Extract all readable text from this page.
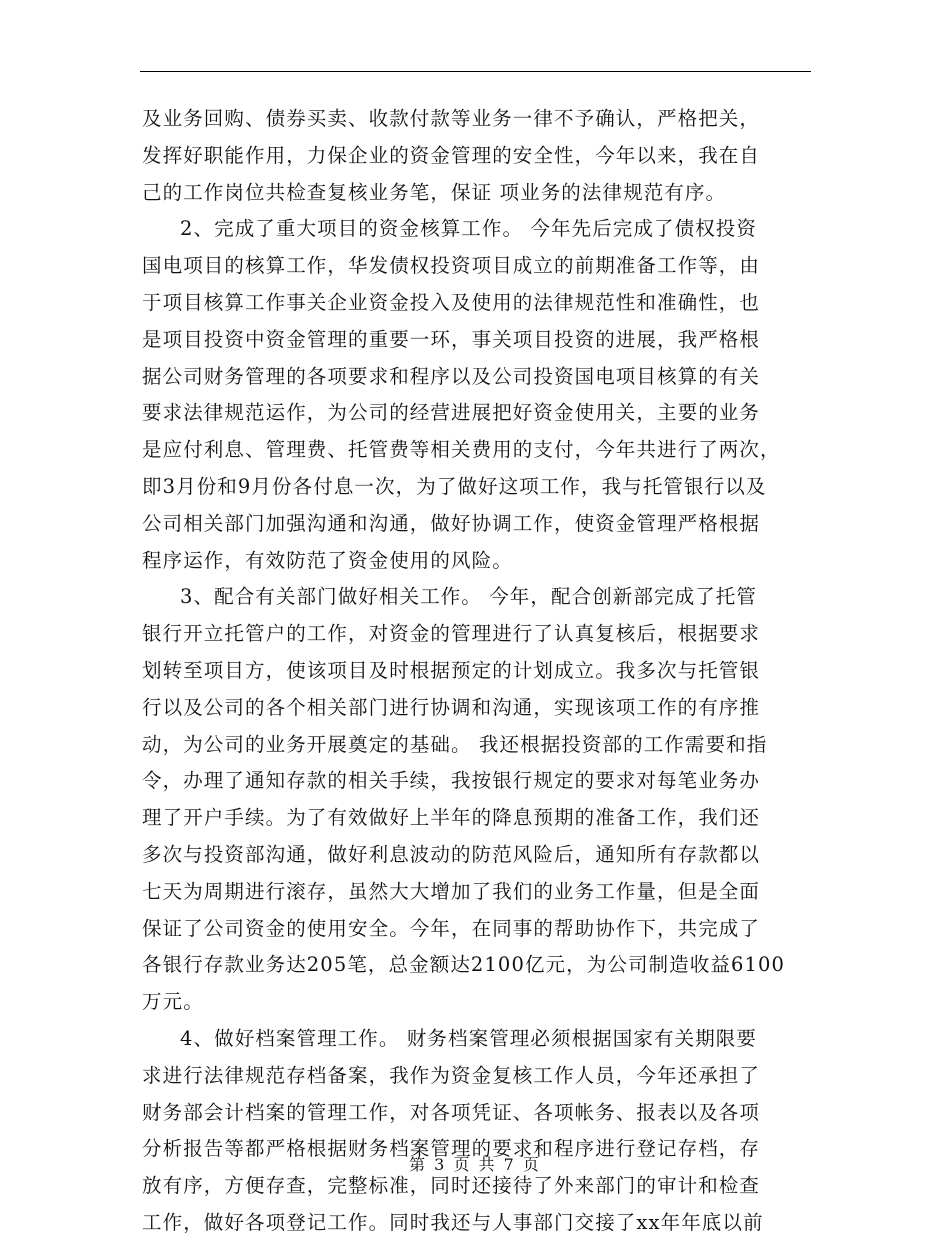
及业务回购、债券买卖、收款付款等业务一律不予确认，严格把关，
发挥好职能作用，力保企业的资金管理的安全性，今年以来，我在自
己的工作岗位共检查复核业务笔，保证 项业务的法律规范有序。
2、完成了重大项目的资金核算工作。 今年先后完成了债权投资
国电项目的核算工作，华发债权投资项目成立的前期准备工作等，由
于项目核算工作事关企业资金投入及使用的法律规范性和准确性，也
是项目投资中资金管理的重要一环，事关项目投资的进展，我严格根
据公司财务管理的各项要求和程序以及公司投资国电项目核算的有关
要求法律规范运作，为公司的经营进展把好资金使用关，主要的业务
是应付利息、管理费、托管费等相关费用的支付，今年共进行了两次，
即3月份和9月份各付息一次，为了做好这项工作，我与托管银行以及
公司相关部门加强沟通和沟通，做好协调工作，使资金管理严格根据
程序运作，有效防范了资金使用的风险。
3、配合有关部门做好相关工作。 今年，配合创新部完成了托管
银行开立托管户的工作，对资金的管理进行了认真复核后，根据要求
划转至项目方，使该项目及时根据预定的计划成立。我多次与托管银
行以及公司的各个相关部门进行协调和沟通，实现该项工作的有序推
动，为公司的业务开展奠定的基础。 我还根据投资部的工作需要和指
令，办理了通知存款的相关手续，我按银行规定的要求对每笔业务办
理了开户手续。为了有效做好上半年的降息预期的准备工作，我们还
多次与投资部沟通，做好利息波动的防范风险后，通知所有存款都以
七天为周期进行滚存，虽然大大增加了我们的业务工作量，但是全面
保证了公司资金的使用安全。今年，在同事的帮助协作下，共完成了
各银行存款业务达205笔，总金额达2100亿元，为公司制造收益6100
万元。
4、做好档案管理工作。 财务档案管理必须根据国家有关期限要
求进行法律规范存档备案，我作为资金复核工作人员，今年还承担了
财务部会计档案的管理工作，对各项凭证、各项帐务、报表以及各项
分析报告等都严格根据财务档案管理的要求和程序进行登记存档，存
放有序，方便存查，完整标准，同时还接待了外来部门的审计和检查
工作，做好各项登记工作。同时我还与人事部门交接了xx年年底以前
第 3 页 共 7 页
